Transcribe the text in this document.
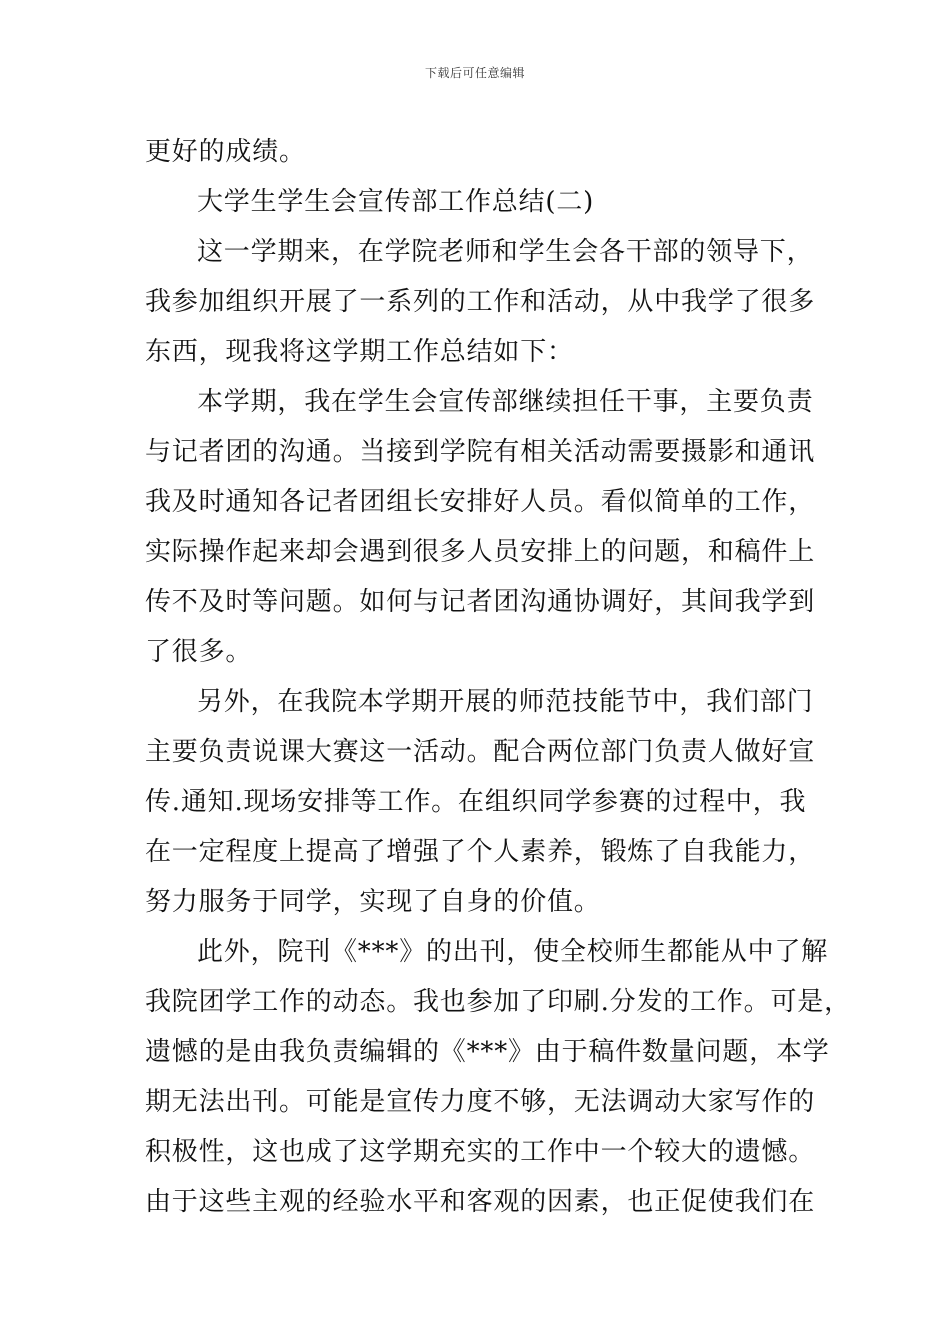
下载后可任意编辑
更好的成绩。
大学生学生会宣传部工作总结(二)
这一学期来，在学院老师和学生会各干部的领导下，
我参加组织开展了一系列的工作和活动，从中我学了很多
东西，现我将这学期工作总结如下：
本学期，我在学生会宣传部继续担任干事，主要负责
与记者团的沟通。当接到学院有相关活动需要摄影和通讯
我及时通知各记者团组长安排好人员。看似简单的工作，
实际操作起来却会遇到很多人员安排上的问题，和稿件上
传不及时等问题。如何与记者团沟通协调好，其间我学到
了很多。
另外，在我院本学期开展的师范技能节中，我们部门
主要负责说课大赛这一活动。配合两位部门负责人做好宣
传.通知.现场安排等工作。在组织同学参赛的过程中，我
在一定程度上提高了增强了个人素养，锻炼了自我能力，
努力服务于同学，实现了自身的价值。
此外，院刊《***》的出刊，使全校师生都能从中了解
我院团学工作的动态。我也参加了印刷.分发的工作。可是，
遗憾的是由我负责编辑的《***》由于稿件数量问题，本学
期无法出刊。可能是宣传力度不够，无法调动大家写作的
积极性，这也成了这学期充实的工作中一个较大的遗憾。
由于这些主观的经验水平和客观的因素，也正促使我们在
